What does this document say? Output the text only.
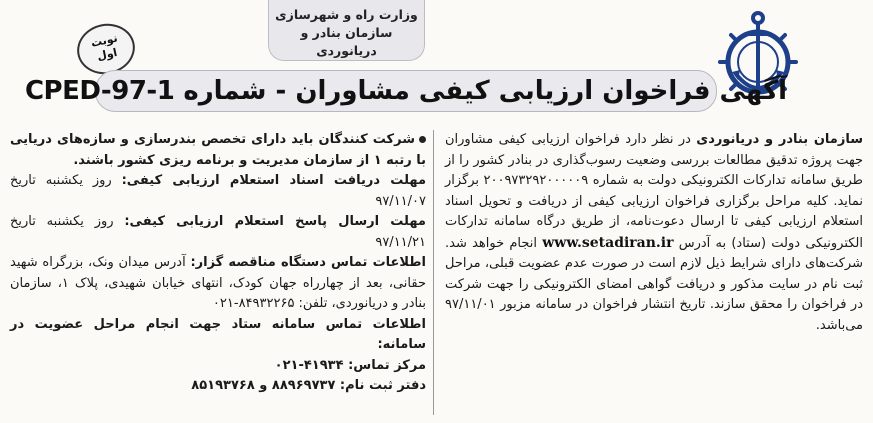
وزارت راه و شهرسازی
سازمان بنادر و دریانوردی
نوبت
اول
آگهی فراخوان ارزیابی کیفی مشاوران - شماره CPED-97-1

سازمان بنادر و دریانوردی در نظر دارد فراخوان ارزیابی کیفی مشاوران جهت پروژه تدقیق مطالعات بررسی وضعیت رسوب‌گذاری در بنادر کشور را از طریق سامانه تدارکات الکترونیکی دولت به شماره ۲۰۰۹۷۳۲۹۲۰۰۰۰۰۹ برگزار نماید. کلیه مراحل برگزاری فراخوان ارزیابی کیفی از دریافت و تحویل اسناد استعلام ارزیابی کیفی تا ارسال دعوت‌نامه، از طریق درگاه سامانه تدارکات الکترونیکی دولت (ستاد) به آدرس www.setadiran.ir انجام خواهد شد. شرکت‌های دارای شرایط ذیل لازم است در صورت عدم عضویت قبلی، مراحل ثبت نام در سایت مذکور و دریافت گواهی امضای الکترونیکی را جهت شرکت در فراخوان را محقق سازند. تاریخ انتشار فراخوان در سامانه مزبور ۹۷/۱۱/۰۱ می‌باشد.

شرکت کنندگان باید دارای تخصص بندرسازی و سازه‌های دریایی با رتبه ۱ از سازمان مدیریت و برنامه ریزی کشور باشند.

مهلت دریافت اسناد استعلام ارزیابی کیفی: روز یکشنبه تاریخ ۹۷/۱۱/۰۷

مهلت ارسال پاسخ استعلام ارزیابی کیفی: روز یکشنبه تاریخ ۹۷/۱۱/۲۱

اطلاعات تماس دستگاه مناقصه گزار: آدرس میدان ونک، بزرگراه شهید حقانی، بعد از چهارراه جهان کودک، انتهای خیابان شهیدی، پلاک ۱، سازمان بنادر و دریانوردی، تلفن: ۸۴۹۳۲۲۶۵-۰۲۱

اطلاعات تماس سامانه ستاد جهت انجام مراحل عضویت در سامانه:

مرکز تماس: ۴۱۹۳۴-۰۲۱

دفتر ثبت نام: ۸۸۹۶۹۷۳۷ و ۸۵۱۹۳۷۶۸
